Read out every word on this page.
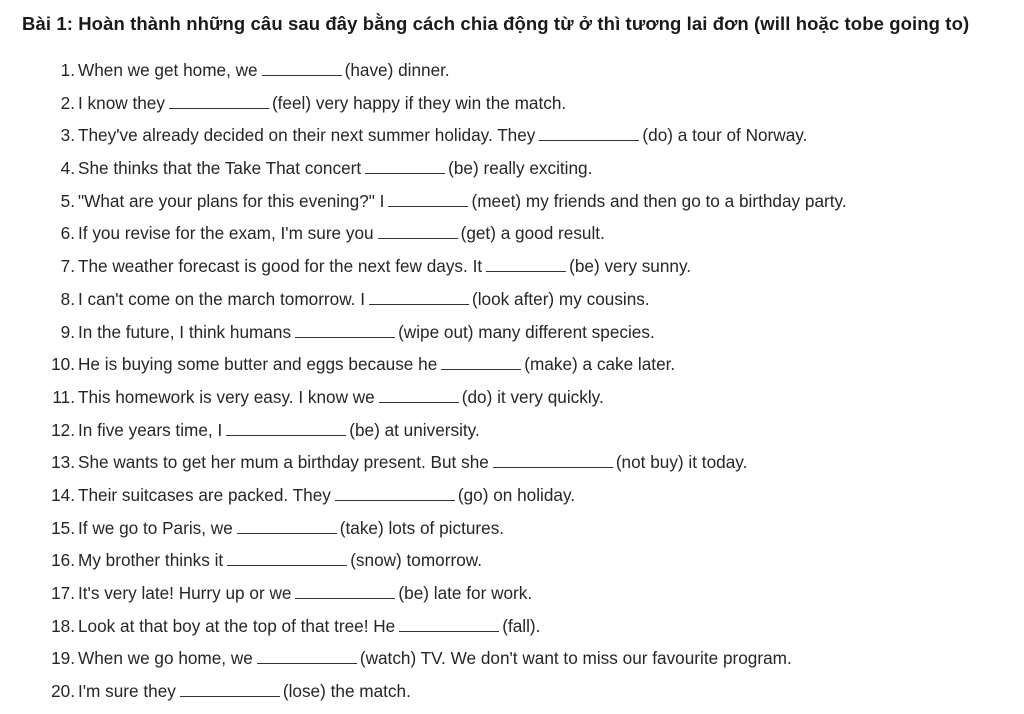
Bài 1: Hoàn thành những câu sau đây bằng cách chia động từ ở thì tương lai đơn (will hoặc tobe going to)
1. When we get home, we	(have) dinner.
2. I know they	(feel) very happy if they win the match.
3. They've already decided on their next summer holiday. They	(do) a tour of Norway.
4. She thinks that the Take That concert	(be) really exciting.
5. "What are your plans for this evening?" I	(meet) my friends and then go to a birthday party.
6. If you revise for the exam, I'm sure you	(get) a good result.
7. The weather forecast is good for the next few days. It	(be) very sunny.
8. I can't come on the march tomorrow. I	(look after) my cousins.
9. In the future, I think humans	(wipe out) many different species.
10. He is buying some butter and eggs because he	(make) a cake later.
11. This homework is very easy. I know we	(do) it very quickly.
12. In five years time, I	(be) at university.
13. She wants to get her mum a birthday present. But she	(not buy) it today.
14. Their suitcases are packed. They	(go) on holiday.
15. If we go to Paris, we	(take) lots of pictures.
16. My brother thinks it	(snow) tomorrow.
17. It's very late! Hurry up or we	(be) late for work.
18. Look at that boy at the top of that tree! He	(fall).
19. When we go home, we	(watch) TV. We don't want to miss our favourite program.
20. I'm sure they	(lose) the match.
